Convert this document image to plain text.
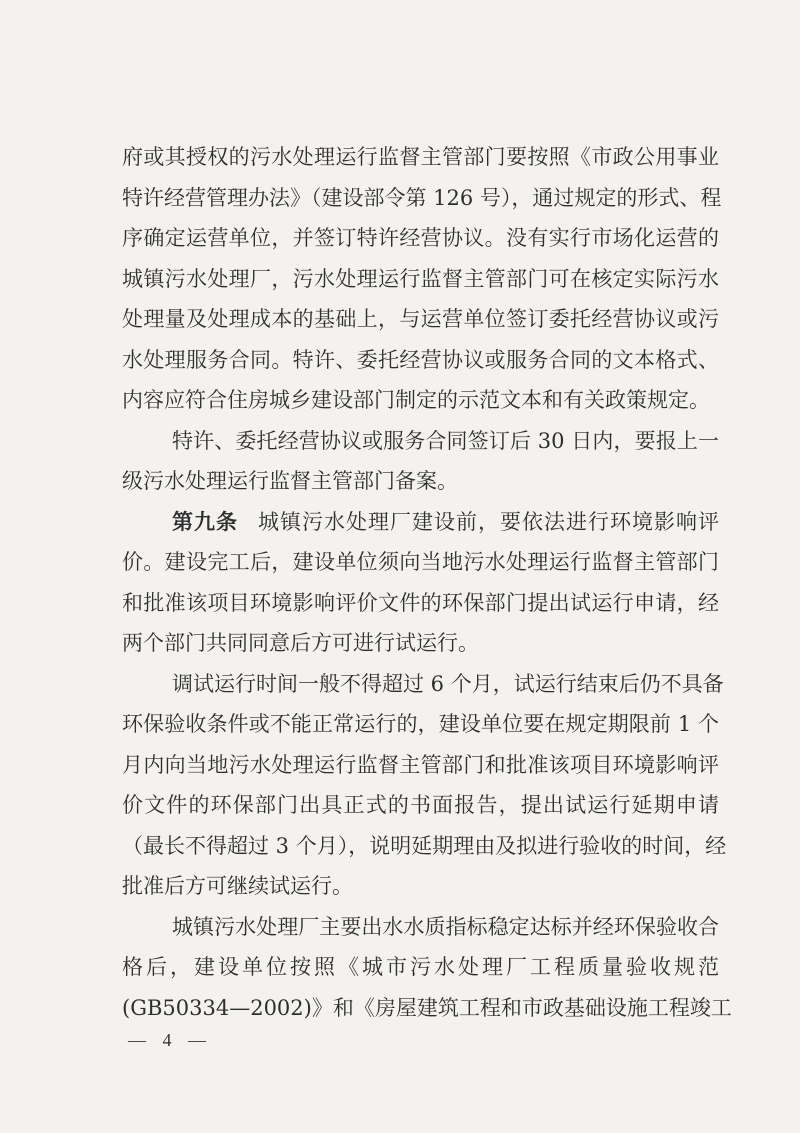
府或其授权的污水处理运行监督主管部门要按照《市政公用事业
特许经营管理办法》（建设部令第 126 号），通过规定的形式、程
序确定运营单位，并签订特许经营协议。没有实行市场化运营的
城镇污水处理厂，污水处理运行监督主管部门可在核定实际污水
处理量及处理成本的基础上，与运营单位签订委托经营协议或污
水处理服务合同。特许、委托经营协议或服务合同的文本格式、
内容应符合住房城乡建设部门制定的示范文本和有关政策规定。
特许、委托经营协议或服务合同签订后 30 日内，要报上一
级污水处理运行监督主管部门备案。
第九条 城镇污水处理厂建设前，要依法进行环境影响评
价。建设完工后，建设单位须向当地污水处理运行监督主管部门
和批准该项目环境影响评价文件的环保部门提出试运行申请，经
两个部门共同同意后方可进行试运行。
调试运行时间一般不得超过 6 个月，试运行结束后仍不具备
环保验收条件或不能正常运行的，建设单位要在规定期限前 1 个
月内向当地污水处理运行监督主管部门和批准该项目环境影响评
价文件的环保部门出具正式的书面报告，提出试运行延期申请
（最长不得超过 3 个月），说明延期理由及拟进行验收的时间，经
批准后方可继续试运行。
城镇污水处理厂主要出水水质指标稳定达标并经环保验收合
格后，建设单位按照《城市污水处理厂工程质量验收规范
(GB50334—2002)》和《房屋建筑工程和市政基础设施工程竣工
— 4 —
